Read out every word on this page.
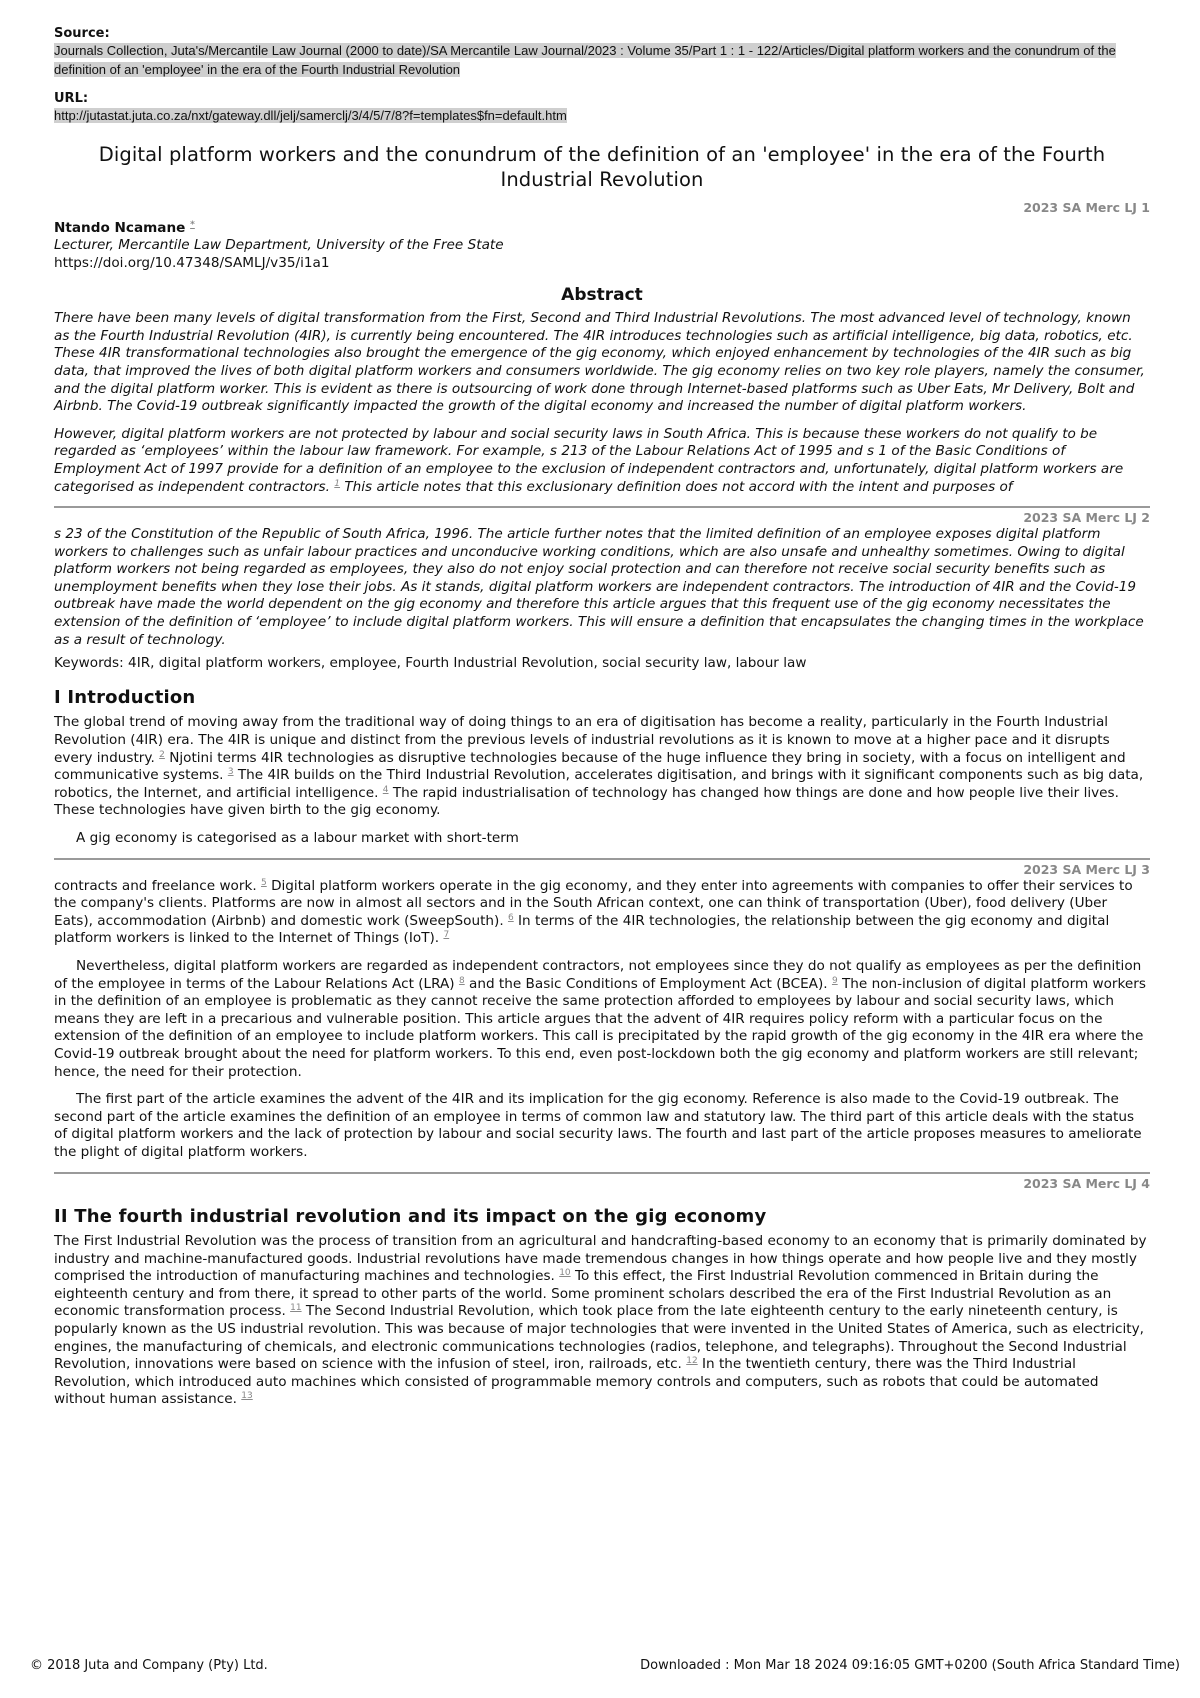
Source:
Journals Collection, Juta's/Mercantile Law Journal (2000 to date)/SA Mercantile Law Journal/2023 : Volume 35/Part 1 : 1 - 122/Articles/Digital platform workers and the conundrum of the definition of an 'employee' in the era of the Fourth Industrial Revolution
URL:
http://jutastat.juta.co.za/nxt/gateway.dll/jelj/samerclj/3/4/5/7/8?f=templates$fn=default.htm
Digital platform workers and the conundrum of the definition of an 'employee' in the era of the Fourth Industrial Revolution
2023 SA Merc LJ 1
Ntando Ncamane *
Lecturer, Mercantile Law Department, University of the Free State
https://doi.org/10.47348/SAMLJ/v35/i1a1
Abstract

There have been many levels of digital transformation from the First, Second and Third Industrial Revolutions. The most advanced level of technology, known as the Fourth Industrial Revolution (4IR), is currently being encountered. The 4IR introduces technologies such as artificial intelligence, big data, robotics, etc. These 4IR transformational technologies also brought the emergence of the gig economy, which enjoyed enhancement by technologies of the 4IR such as big data, that improved the lives of both digital platform workers and consumers worldwide. The gig economy relies on two key role players, namely the consumer, and the digital platform worker. This is evident as there is outsourcing of work done through Internet-based platforms such as Uber Eats, Mr Delivery, Bolt and Airbnb. The Covid-19 outbreak significantly impacted the growth of the digital economy and increased the number of digital platform workers.

However, digital platform workers are not protected by labour and social security laws in South Africa. This is because these workers do not qualify to be regarded as ‘employees’ within the labour law framework. For example, s 213 of the Labour Relations Act of 1995 and s 1 of the Basic Conditions of Employment Act of 1997 provide for a definition of an employee to the exclusion of independent contractors and, unfortunately, digital platform workers are categorised as independent contractors. $^1$ This article notes that this exclusionary definition does not accord with the intent and purposes of

2023 SA Merc LJ 2

s 23 of the Constitution of the Republic of South Africa, 1996. The article further notes that the limited definition of an employee exposes digital platform workers to challenges such as unfair labour practices and unconducive working conditions, which are also unsafe and unhealthy sometimes. Owing to digital platform workers not being regarded as employees, they also do not enjoy social protection and can therefore not receive social security benefits such as unemployment benefits when they lose their jobs. As it stands, digital platform workers are independent contractors. The introduction of 4IR and the Covid-19 outbreak have made the world dependent on the gig economy and therefore this article argues that this frequent use of the gig economy necessitates the extension of the definition of ‘employee’ to include digital platform workers. This will ensure a definition that encapsulates the changing times in the workplace as a result of technology.

Keywords: 4IR, digital platform workers, employee, Fourth Industrial Revolution, social security law, labour law

I Introduction

The global trend of moving away from the traditional way of doing things to an era of digitisation has become a reality, particularly in the Fourth Industrial Revolution (4IR) era. The 4IR is unique and distinct from the previous levels of industrial revolutions as it is known to move at a higher pace and it disrupts every industry. $^2$ Njotini terms 4IR technologies as disruptive technologies because of the huge influence they bring in society, with a focus on intelligent and communicative systems. $^3$ The 4IR builds on the Third Industrial Revolution, accelerates digitisation, and brings with it significant components such as big data, robotics, the Internet, and artificial intelligence. $^4$ The rapid industrialisation of technology has changed how things are done and how people live their lives. These technologies have given birth to the gig economy.

A gig economy is categorised as a labour market with short-term

2023 SA Merc LJ 3

contracts and freelance work. $^5$ Digital platform workers operate in the gig economy, and they enter into agreements with companies to offer their services to the company's clients. Platforms are now in almost all sectors and in the South African context, one can think of transportation (Uber), food delivery (Uber Eats), accommodation (Airbnb) and domestic work (SweepSouth). $^6$ In terms of the 4IR technologies, the relationship between the gig economy and digital platform workers is linked to the Internet of Things (IoT). $^7$

Nevertheless, digital platform workers are regarded as independent contractors, not employees since they do not qualify as employees as per the definition of the employee in terms of the Labour Relations Act (LRA) $^8$ and the Basic Conditions of Employment Act (BCEA). $^9$ The non-inclusion of digital platform workers in the definition of an employee is problematic as they cannot receive the same protection afforded to employees by labour and social security laws, which means they are left in a precarious and vulnerable position. This article argues that the advent of 4IR requires policy reform with a particular focus on the extension of the definition of an employee to include platform workers. This call is precipitated by the rapid growth of the gig economy in the 4IR era where the Covid-19 outbreak brought about the need for platform workers. To this end, even post-lockdown both the gig economy and platform workers are still relevant; hence, the need for their protection.

The first part of the article examines the advent of the 4IR and its implication for the gig economy. Reference is also made to the Covid-19 outbreak. The second part of the article examines the definition of an employee in terms of common law and statutory law. The third part of this article deals with the status of digital platform workers and the lack of protection by labour and social security laws. The fourth and last part of the article proposes measures to ameliorate the plight of digital platform workers.

2023 SA Merc LJ 4
II The fourth industrial revolution and its impact on the gig economy

The First Industrial Revolution was the process of transition from an agricultural and handcrafting-based economy to an economy that is primarily dominated by industry and machine-manufactured goods. Industrial revolutions have made tremendous changes in how things operate and how people live and they mostly comprised the introduction of manufacturing machines and technologies. $^{10}$ To this effect, the First Industrial Revolution commenced in Britain during the eighteenth century and from there, it spread to other parts of the world. Some prominent scholars described the era of the First Industrial Revolution as an economic transformation process. $^{11}$ The Second Industrial Revolution, which took place from the late eighteenth century to the early nineteenth century, is popularly known as the US industrial revolution. This was because of major technologies that were invented in the United States of America, such as electricity, engines, the manufacturing of chemicals, and electronic communications technologies (radios, telephone, and telegraphs). Throughout the Second Industrial Revolution, innovations were based on science with the infusion of steel, iron, railroads, etc. $^{12}$ In the twentieth century, there was the Third Industrial Revolution, which introduced auto machines which consisted of programmable memory controls and computers, such as robots that could be automated without human assistance. $^{13}$

© 2018 Juta and Company (Pty) Ltd.	Downloaded : Mon Mar 18 2024 09:16:05 GMT+0200 (South Africa Standard Time)
